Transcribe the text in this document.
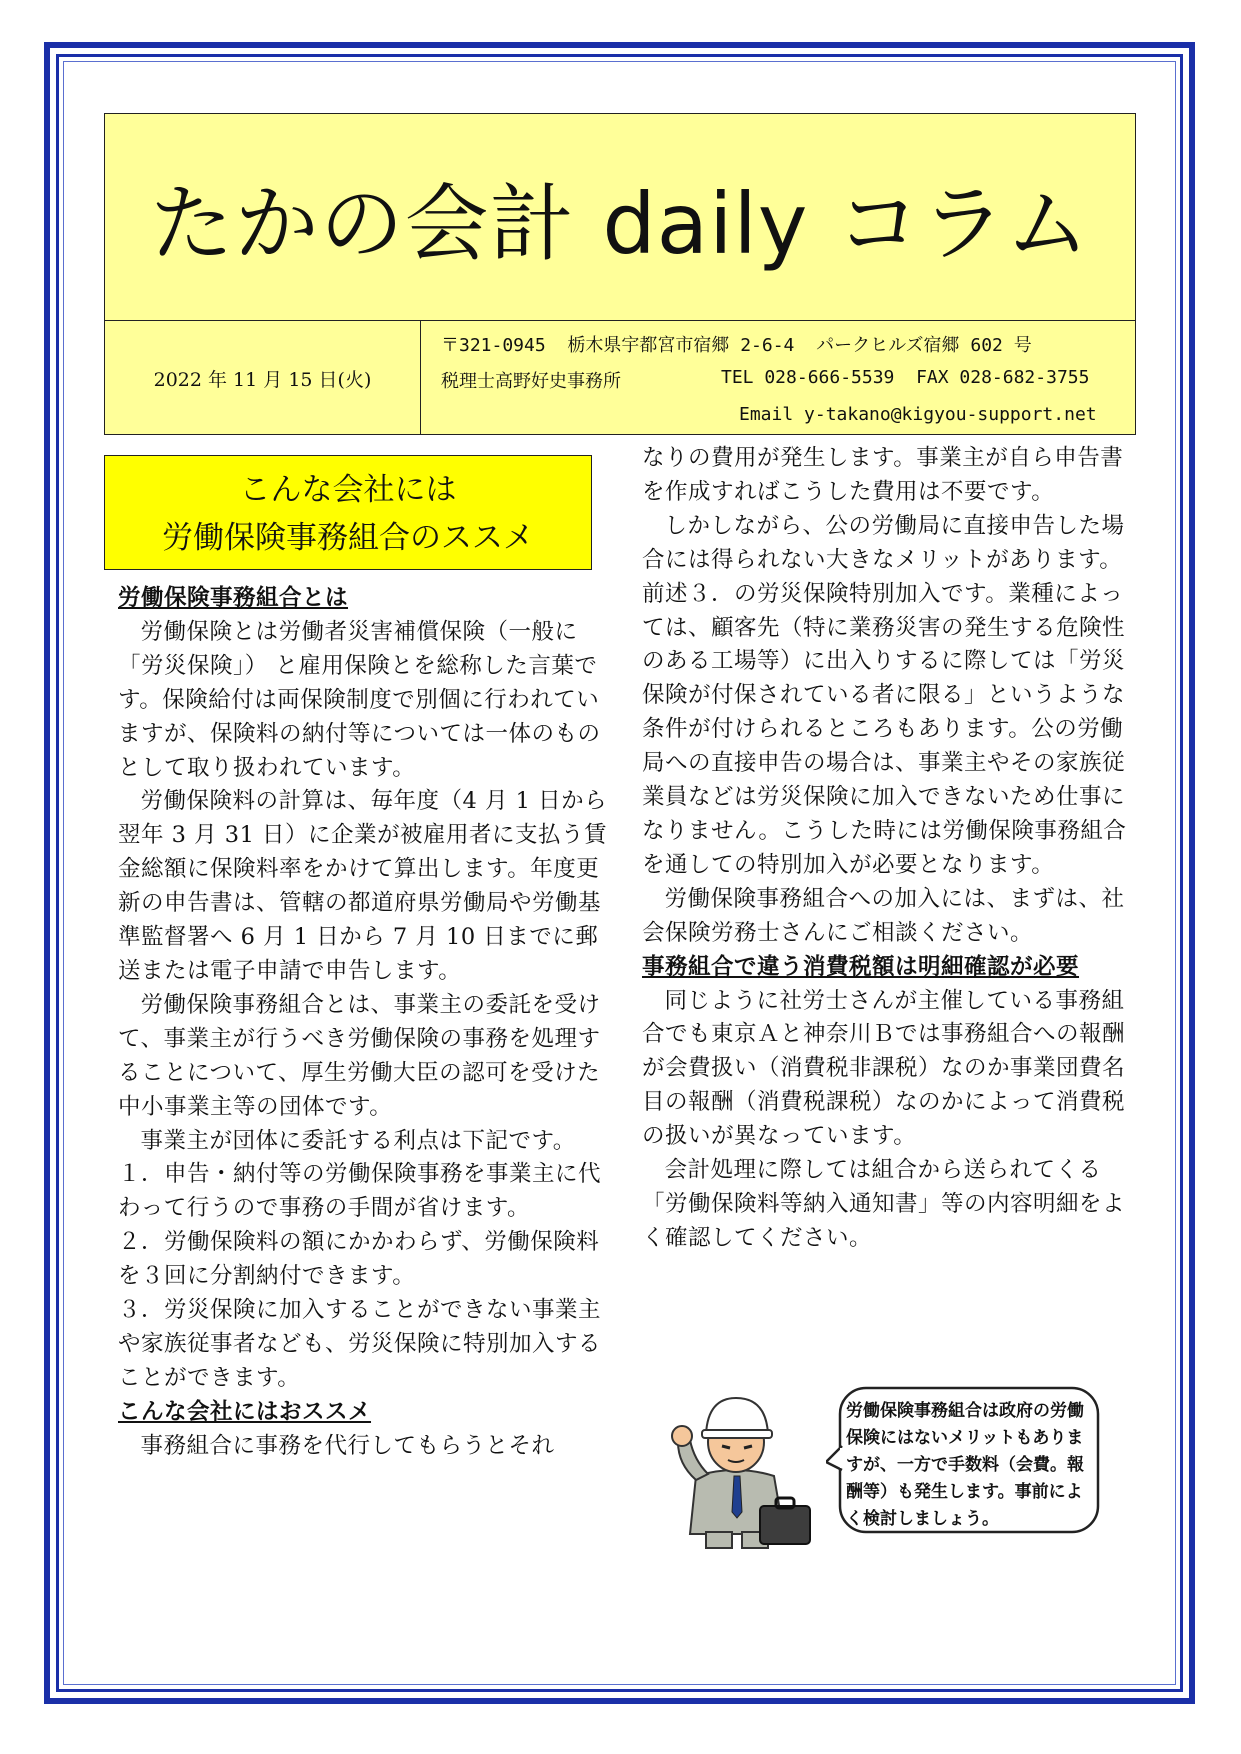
たかの会計 daily コラム
2022 年 11 月 15 日(火)
〒321-0945  栃木県宇都宮市宿郷 2-6-4  パークヒルズ宿郷 602 号
税理士高野好史事務所	TEL 028-666-5539  FAX 028-682-3755
Email y-takano@kigyou-support.net
こんな会社には
労働保険事務組合のススメ

労働保険事務組合とは

労働保険とは労働者災害補償保険（一般に「労災保険」） と雇用保険とを総称した言葉です。保険給付は両保険制度で別個に行われていますが、保険料の納付等については一体のものとして取り扱われています。

労働保険料の計算は、毎年度（4 月 1 日から翌年 3 月 31 日）に企業が被雇用者に支払う賃金総額に保険料率をかけて算出します。年度更新の申告書は、管轄の都道府県労働局や労働基準監督署へ 6 月 1 日から 7 月 10 日までに郵送または電子申請で申告します。

労働保険事務組合とは、事業主の委託を受けて、事業主が行うべき労働保険の事務を処理することについて、厚生労働大臣の認可を受けた中小事業主等の団体です。

事業主が団体に委託する利点は下記です。

１．申告・納付等の労働保険事務を事業主に代わって行うので事務の手間が省けます。

２．労働保険料の額にかかわらず、労働保険料を３回に分割納付できます。

３．労災保険に加入することができない事業主や家族従事者なども、労災保険に特別加入することができます。

こんな会社にはおススメ

事務組合に事務を代行してもらうとそれ

なりの費用が発生します。事業主が自ら申告書を作成すればこうした費用は不要です。

しかしながら、公の労働局に直接申告した場合には得られない大きなメリットがあります。前述３．の労災保険特別加入です。業種によっては、顧客先（特に業務災害の発生する危険性のある工場等）に出入りするに際しては「労災保険が付保されている者に限る」というような条件が付けられるところもあります。公の労働局への直接申告の場合は、事業主やその家族従業員などは労災保険に加入できないため仕事になりません。こうした時には労働保険事務組合を通しての特別加入が必要となります。

労働保険事務組合への加入には、まずは、社会保険労務士さんにご相談ください。

事務組合で違う消費税額は明細確認が必要

同じように社労士さんが主催している事務組合でも東京Ａと神奈川Ｂでは事務組合への報酬が会費扱い（消費税非課税）なのか事業団費名目の報酬（消費税課税）なのかによって消費税の扱いが異なっています。

会計処理に際しては組合から送られてくる「労働保険料等納入通知書」等の内容明細をよく確認してください。

労働保険事務組合は政府の労働保険にはないメリットもありますが、一方で手数料（会費。報酬等）も発生します。事前によく検討しましょう。
